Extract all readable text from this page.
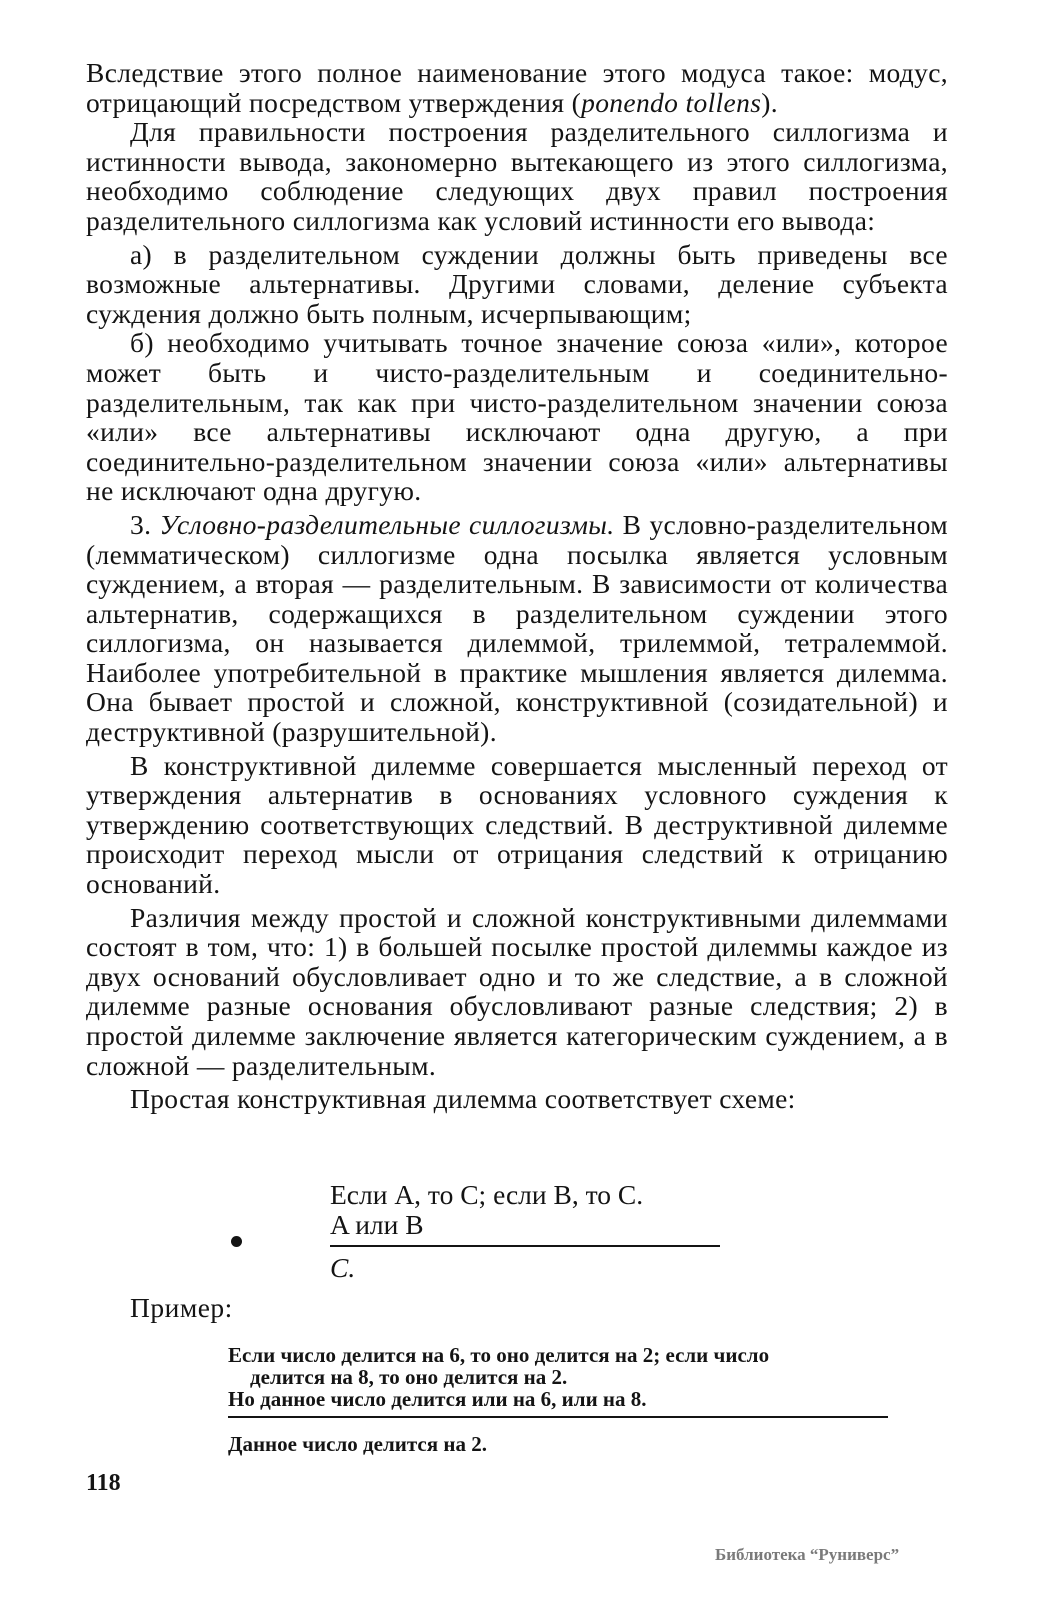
Вследствие этого полное наименование этого модуса такое: модус, отрицающий посредством утверждения (ponendo tollens).

Для правильности построения разделительного силлогизма и истинности вывода, закономерно вытекающего из этого силлогизма, необходимо соблюдение следующих двух правил построения разделительного силлогизма как условий истинности его вывода:

а) в разделительном суждении должны быть приведены все возможные альтернативы. Другими словами, деление субъекта суждения должно быть полным, исчерпывающим;

б) необходимо учитывать точное значение союза «или», которое может быть и чисто-разделительным и соединительно-разделительным, так как при чисто-разделительном значении союза «или» все альтернативы исключают одна другую, а при соединительно-разделительном значении союза «или» альтернативы не исключают одна другую.

3. Условно-разделительные силлогизмы. В условно-разделительном (лемматическом) силлогизме одна посылка является условным суждением, а вторая — разделительным. В зависимости от количества альтернатив, содержащихся в разделительном суждении этого силлогизма, он называется дилеммой, трилеммой, тетралеммой. Наиболее употребительной в практике мышления является дилемма. Она бывает простой и сложной, конструктивной (созидательной) и деструктивной (разрушительной).

В конструктивной дилемме совершается мысленный переход от утверждения альтернатив в основаниях условного суждения к утверждению соответствующих следствий. В деструктивной дилемме происходит переход мысли от отрицания следствий к отрицанию оснований.

Различия между простой и сложной конструктивными дилеммами состоят в том, что: 1) в большей посылке простой дилеммы каждое из двух оснований обусловливает одно и то же следствие, а в сложной дилемме разные основания обусловливают разные следствия; 2) в простой дилемме заключение является категорическим суждением, а в сложной — разделительным.

Простая конструктивная дилемма соответствует схеме:

Если A, то C; если B, то C.
A или B
C.
Пример:
Если число делится на 6, то оно делится на 2; если число
делится на 8, то оно делится на 2.
Но данное число делится или на 6, или на 8.
Данное число делится на 2.
118
Библиотека “Руниверс”
